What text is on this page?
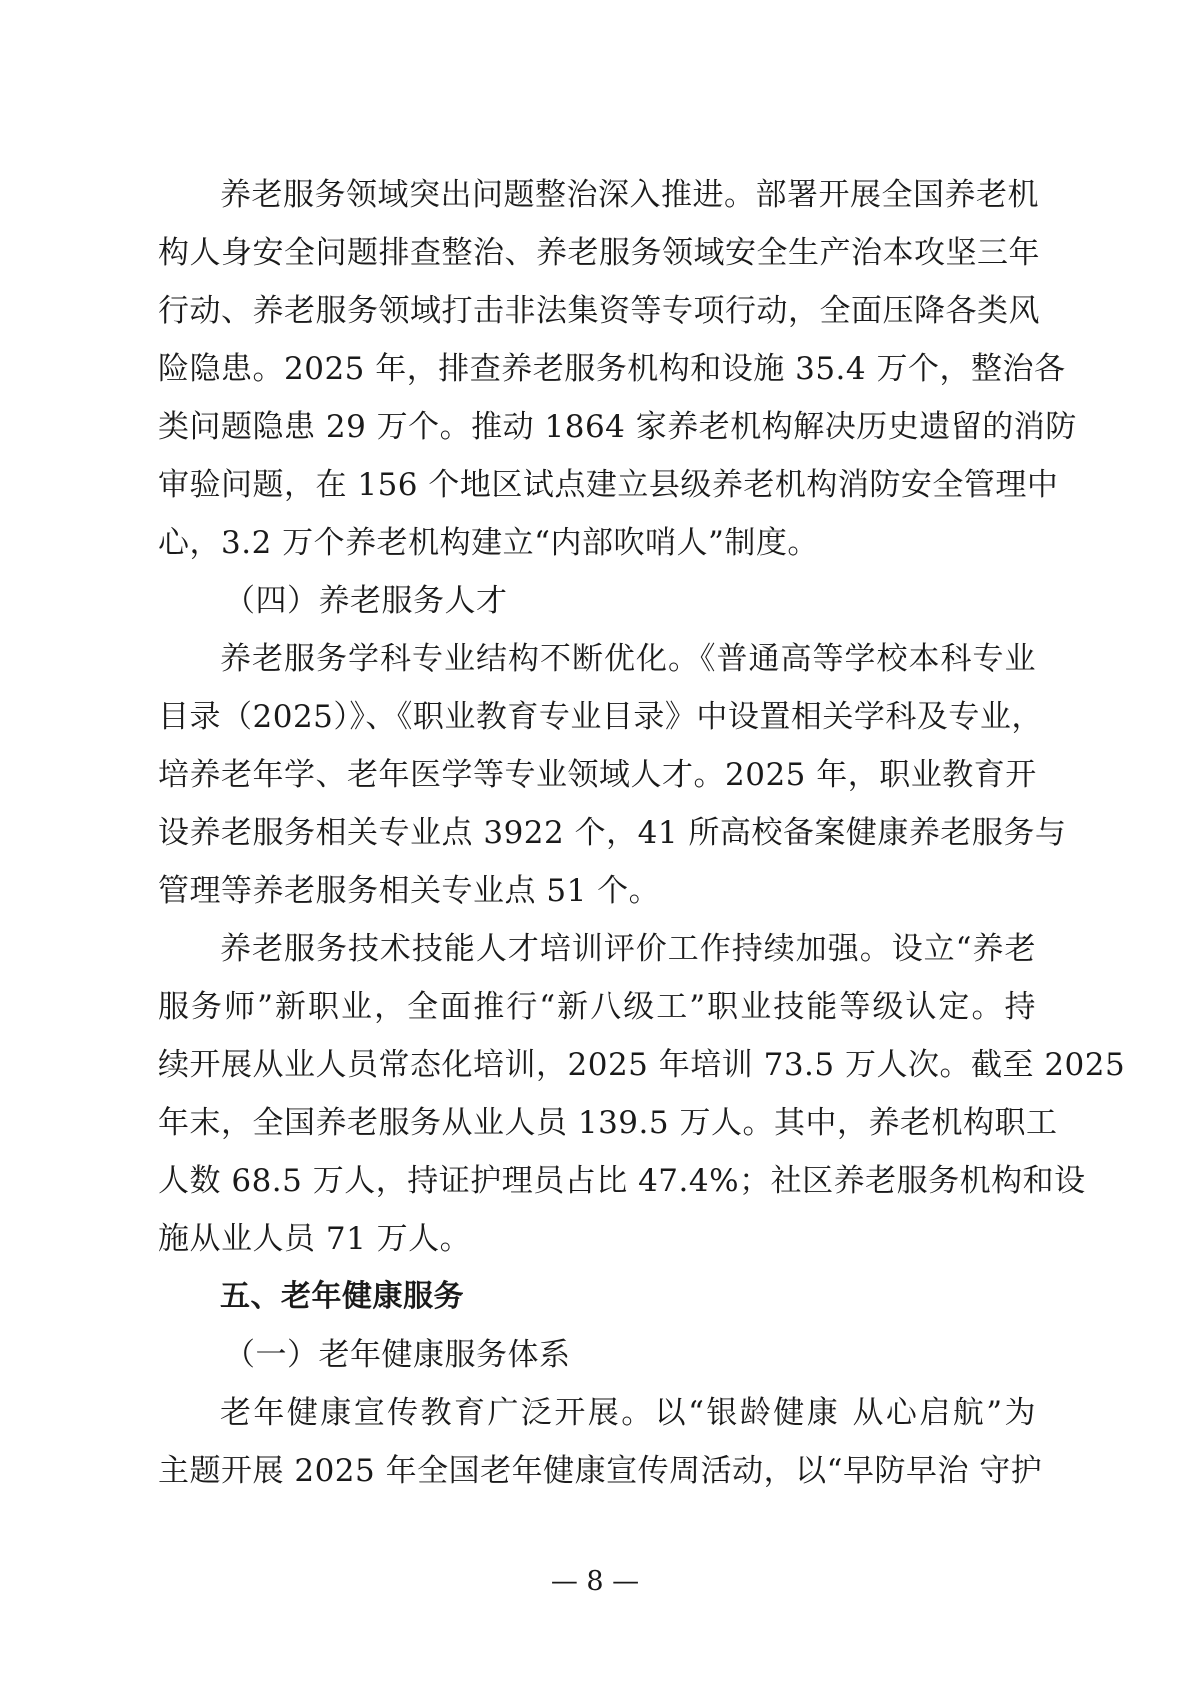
养老服务领域突出问题整治深入推进。部署开展全国养老机
构人身安全问题排查整治、养老服务领域安全生产治本攻坚三年
行动、养老服务领域打击非法集资等专项行动，全面压降各类风
险隐患。2025 年，排查养老服务机构和设施 35.4 万个，整治各
类问题隐患 29 万个。推动 1864 家养老机构解决历史遗留的消防
审验问题，在 156 个地区试点建立县级养老机构消防安全管理中
心，3.2 万个养老机构建立“内部吹哨人”制度。
（四）养老服务人才
养老服务学科专业结构不断优化。《普通高等学校本科专业
目录（2025）》、《职业教育专业目录》中设置相关学科及专业，
培养老年学、老年医学等专业领域人才。2025 年，职业教育开
设养老服务相关专业点 3922 个，41 所高校备案健康养老服务与
管理等养老服务相关专业点 51 个。
养老服务技术技能人才培训评价工作持续加强。设立“养老
服务师”新职业，全面推行“新八级工”职业技能等级认定。持
续开展从业人员常态化培训，2025 年培训 73.5 万人次。截至 2025
年末，全国养老服务从业人员 139.5 万人。其中，养老机构职工
人数 68.5 万人，持证护理员占比 47.4%；社区养老服务机构和设
施从业人员 71 万人。
五、老年健康服务
（一）老年健康服务体系
老年健康宣传教育广泛开展。以“银龄健康 从心启航”为
主题开展 2025 年全国老年健康宣传周活动，以“早防早治 守护
— 8 —
